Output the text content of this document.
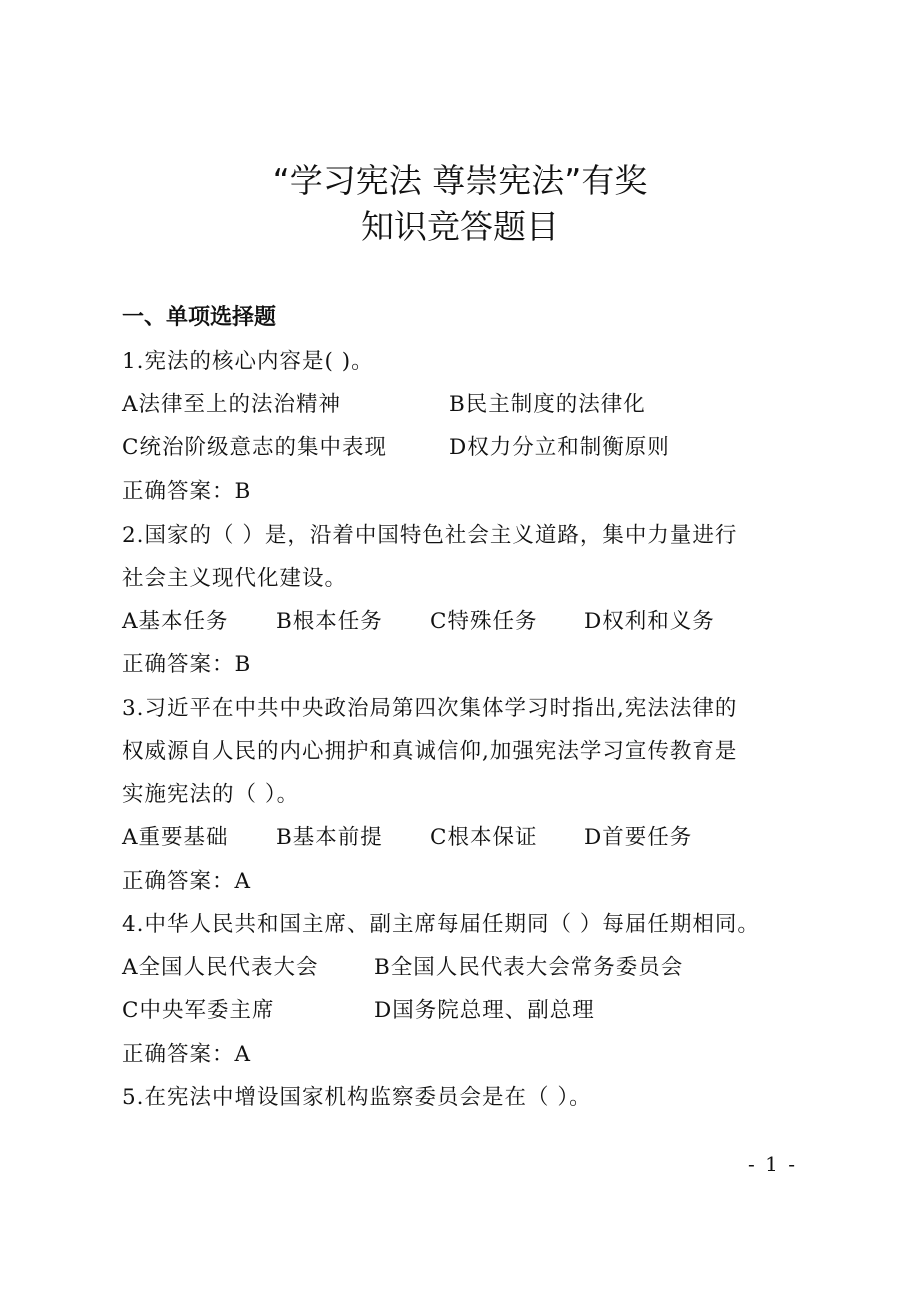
“学习宪法 尊崇宪法”有奖
知识竞答题目
一、单项选择题
1.宪法的核心内容是( )。
A法律至上的法治精神	B民主制度的法律化
C统治阶级意志的集中表现	D权力分立和制衡原则
正确答案：B
2.国家的（ ）是，沿着中国特色社会主义道路，集中力量进行
社会主义现代化建设。
A基本任务 B根本任务 C特殊任务 D权利和义务
正确答案：B
3.习近平在中共中央政治局第四次集体学习时指出,宪法法律的
权威源自人民的内心拥护和真诚信仰,加强宪法学习宣传教育是
实施宪法的（ ）。
A重要基础 B基本前提 C根本保证 D首要任务
正确答案：A
4.中华人民共和国主席、副主席每届任期同（ ）每届任期相同。
A全国人民代表大会	B全国人民代表大会常务委员会
C中央军委主席	D国务院总理、副总理
正确答案：A
5.在宪法中增设国家机构监察委员会是在（ ）。
- 1 -
